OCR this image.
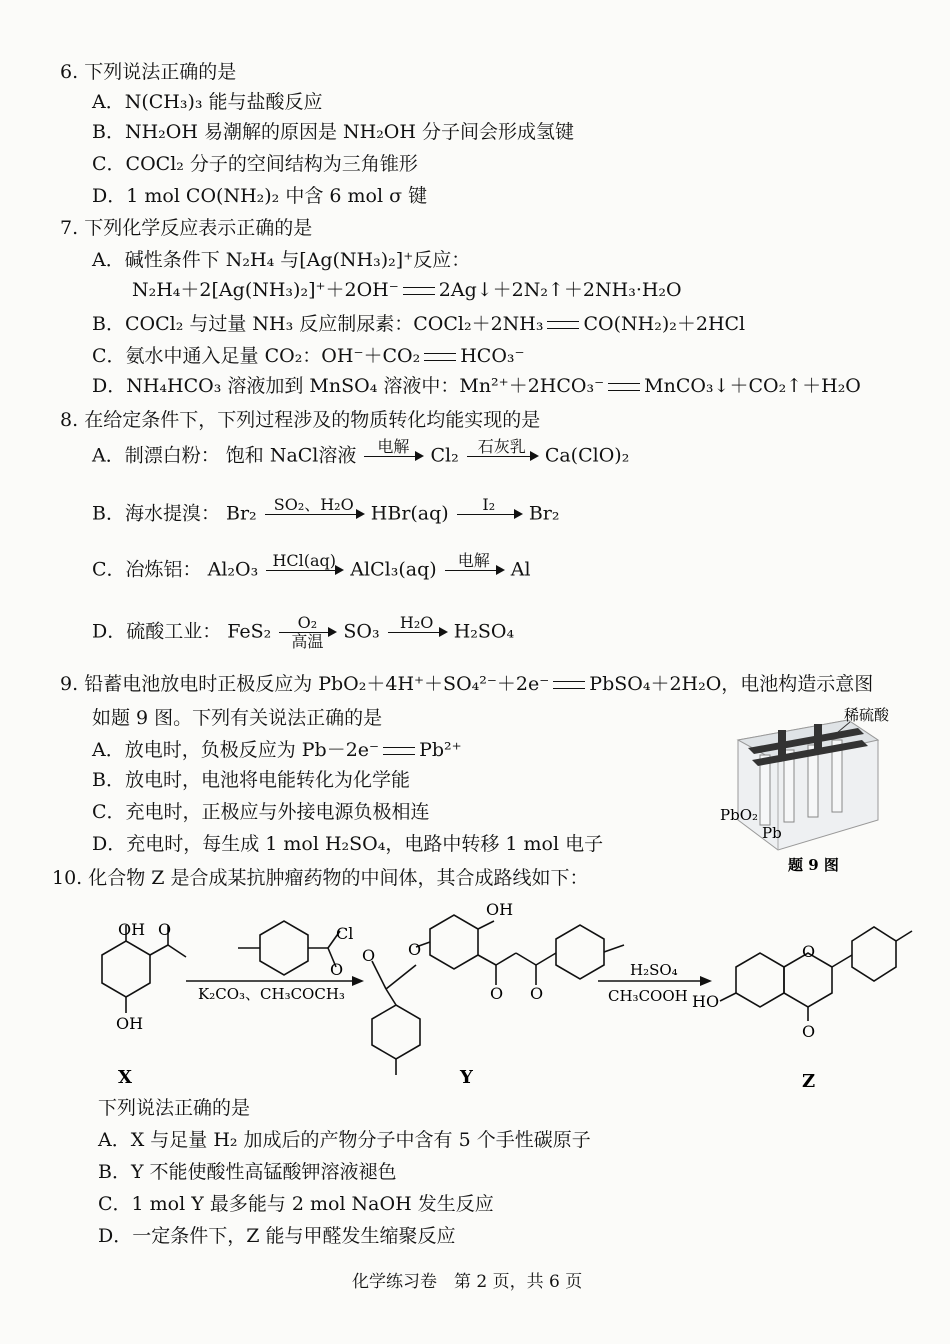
6. 下列说法正确的是
A．N(CH₃)₃ 能与盐酸反应
B．NH₂OH 易潮解的原因是 NH₂OH 分子间会形成氢键
C．COCl₂ 分子的空间结构为三角锥形
D．1 mol CO(NH₂)₂ 中含 6 mol σ 键
7. 下列化学反应表示正确的是
A．碱性条件下 N₂H₄ 与[Ag(NH₃)₂]⁺反应：
N₂H₄＋2[Ag(NH₃)₂]⁺＋2OH⁻ 2Ag↓＋2N₂↑＋2NH₃·H₂O
B．COCl₂ 与过量 NH₃ 反应制尿素：COCl₂＋2NH₃ CO(NH₂)₂＋2HCl
C．氨水中通入足量 CO₂：OH⁻＋CO₂ HCO₃⁻
D．NH₄HCO₃ 溶液加到 MnSO₄ 溶液中：Mn²⁺＋2HCO₃⁻ MnCO₃↓＋CO₂↑＋H₂O
8. 在给定条件下，下列过程涉及的物质转化均能实现的是
A．制漂白粉： 饱和 NaCl溶液	电解	Cl₂	石灰乳	Ca(ClO)₂
B．海水提溴： Br₂	SO₂、H₂O HBr(aq)	I₂	Br₂
C．冶炼铝： Al₂O₃ HCl(aq) AlCl₃(aq)	电解	Al
D．硫酸工业： FeS₂	O₂
高温	SO₃	H₂O	H₂SO₄
9. 铅蓄电池放电时正极反应为 PbO₂＋4H⁺＋SO₄²⁻＋2e⁻ PbSO₄＋2H₂O，电池构造示意图
如题 9 图。下列有关说法正确的是
A．放电时，负极反应为 Pb－2e⁻ Pb²⁺
B．放电时，电池将电能转化为化学能
C．充电时，正极应与外接电源负极相连
D．充电时，每生成 1 mol H₂SO₄，电路中转移 1 mol 电子
稀硫酸
PbO₂
Pb
题 9 图
10. 化合物 Z 是合成某抗肿瘤药物的中间体，其合成路线如下：
OH O
OH
Cl
O
K₂CO₃、CH₃COCH₃
O O
OH
O O
H₂SO₄
CH₃COOH
O
O
HO
X	Y	Z
下列说法正确的是
A．X 与足量 H₂ 加成后的产物分子中含有 5 个手性碳原子
B．Y 不能使酸性高锰酸钾溶液褪色
C．1 mol Y 最多能与 2 mol NaOH 发生反应
D．一定条件下，Z 能与甲醛发生缩聚反应
化学练习卷　第 2 页，共 6 页
